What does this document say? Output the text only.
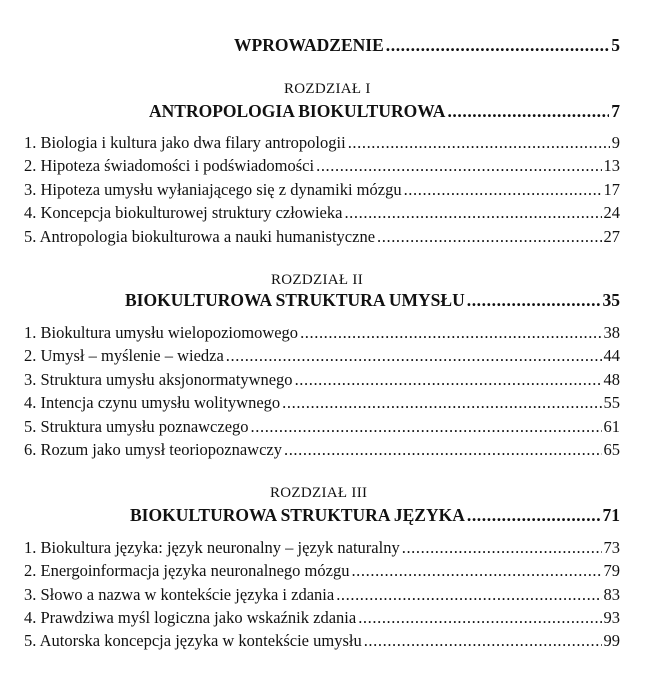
WPROWADZENIE .....	5
ROZDZIAŁ I
ANTROPOLOGIA BIOKULTUROWA .....	7
1. Biologia i kultura jako dwa filary antropologii .....	9
2. Hipoteza świadomości i podświadomości .....	13
3. Hipoteza umysłu wyłaniającego się z dynamiki mózgu .....	17
4. Koncepcja biokulturowej struktury człowieka .....	24
5. Antropologia biokulturowa a nauki humanistyczne .....	27
ROZDZIAŁ II
BIOKULTUROWA STRUKTURA UMYSŁU .....	35
1. Biokultura umysłu wielopoziomowego .....	38
2. Umysł – myślenie – wiedza .....	44
3. Struktura umysłu aksjonormatywnego .....	48
4. Intencja czynu umysłu wolitywnego .....	55
5. Struktura umysłu poznawczego .....	61
6. Rozum jako umysł teoriopoznawczy .....	65
ROZDZIAŁ III
BIOKULTUROWA STRUKTURA JĘZYKA .....	71
1. Biokultura języka: język neuronalny – język naturalny .....	73
2. Energoinformacja języka neuronalnego mózgu .....	79
3. Słowo a nazwa w kontekście języka i zdania .....	83
4. Prawdziwa myśl logiczna jako wskaźnik zdania .....	93
5. Autorska koncepcja języka w kontekście umysłu .....	99
